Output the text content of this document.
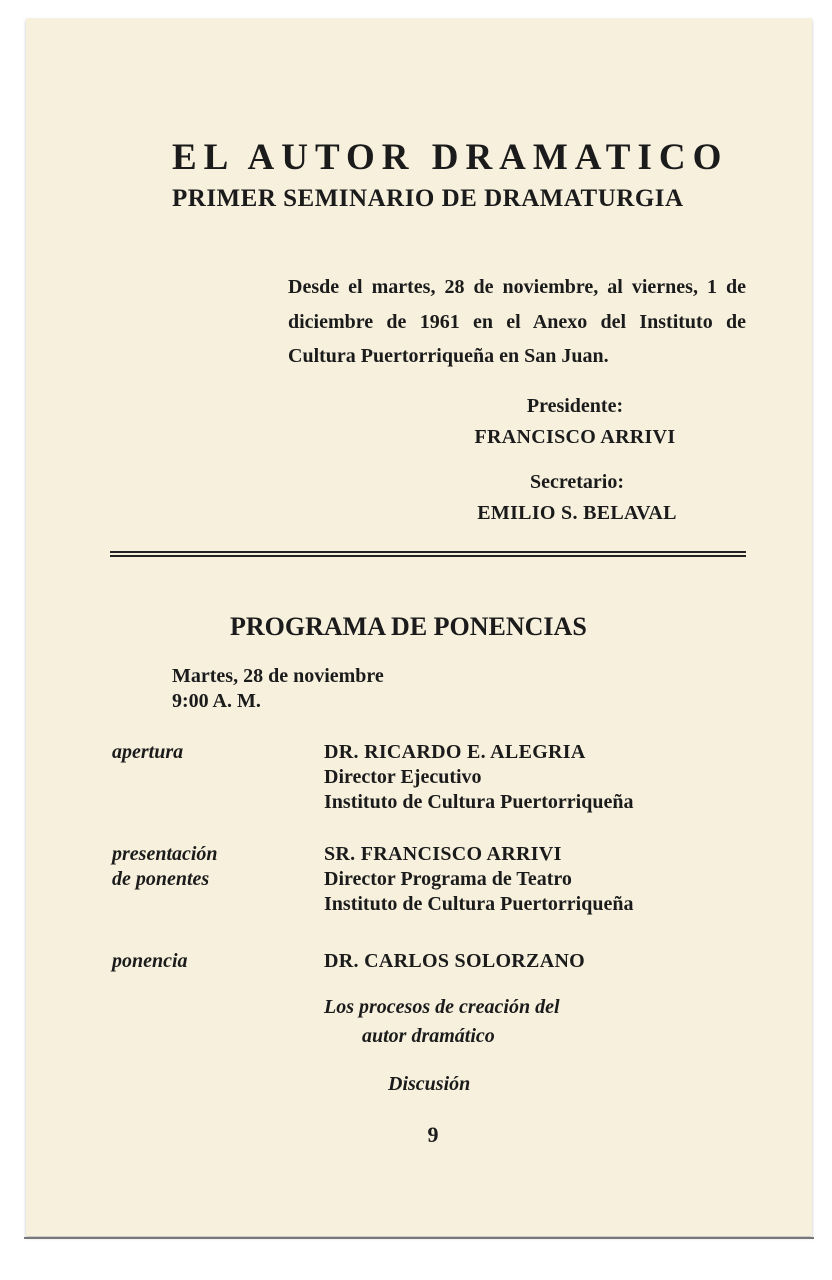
EL AUTOR DRAMATICO
PRIMER SEMINARIO DE DRAMATURGIA

Desde el martes, 28 de noviembre, al viernes, 1 de diciembre de 1961 en el Anexo del Instituto de Cultura Puertorriqueña en San Juan.

Presidente:
FRANCISCO ARRIVI
Secretario:
EMILIO S. BELAVAL
PROGRAMA DE PONENCIAS
Martes, 28 de noviembre
9:00 A. M.
apertura	DR. RICARDO E. ALEGRIA
Director Ejecutivo
Instituto de Cultura Puertorriqueña
presentación
de ponentes
SR. FRANCISCO ARRIVI
Director Programa de Teatro
Instituto de Cultura Puertorriqueña
ponencia	DR. CARLOS SOLORZANO
Los procesos de creación del
autor dramático
Discusión
9
